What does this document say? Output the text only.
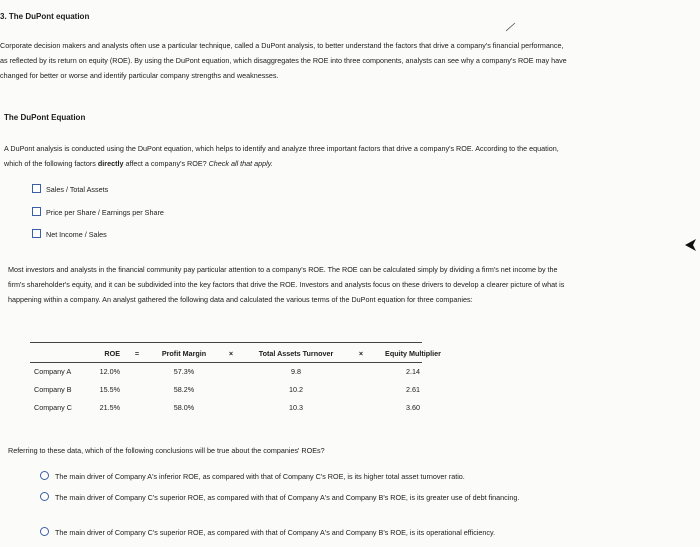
3. The DuPont equation
Corporate decision makers and analysts often use a particular technique, called a DuPont analysis, to better understand the factors that drive a company's financial performance, as reflected by its return on equity (ROE). By using the DuPont equation, which disaggregates the ROE into three components, analysts can see why a company's ROE may have changed for better or worse and identify particular company strengths and weaknesses.
The DuPont Equation
A DuPont analysis is conducted using the DuPont equation, which helps to identify and analyze three important factors that drive a company's ROE. According to the equation, which of the following factors directly affect a company's ROE? Check all that apply.
Sales / Total Assets
Price per Share / Earnings per Share
Net Income / Sales
Most investors and analysts in the financial community pay particular attention to a company's ROE. The ROE can be calculated simply by dividing a firm's net income by the firm's shareholder's equity, and it can be subdivided into the key factors that drive the ROE. Investors and analysts focus on these drivers to develop a clearer picture of what is happening within a company. An analyst gathered the following data and calculated the various terms of the DuPont equation for three companies:
	ROE	=	Profit Margin	×	Total Assets Turnover	×	Equity Multiplier
Company A	12.0%		57.3%		9.8		2.14
Company B	15.5%		58.2%		10.2		2.61
Company C	21.5%		58.0%		10.3		3.60
Referring to these data, which of the following conclusions will be true about the companies' ROEs?
The main driver of Company A's inferior ROE, as compared with that of Company C's ROE, is its higher total asset turnover ratio.
The main driver of Company C's superior ROE, as compared with that of Company A's and Company B's ROE, is its greater use of debt financing.
The main driver of Company C's superior ROE, as compared with that of Company A's and Company B's ROE, is its operational efficiency.
